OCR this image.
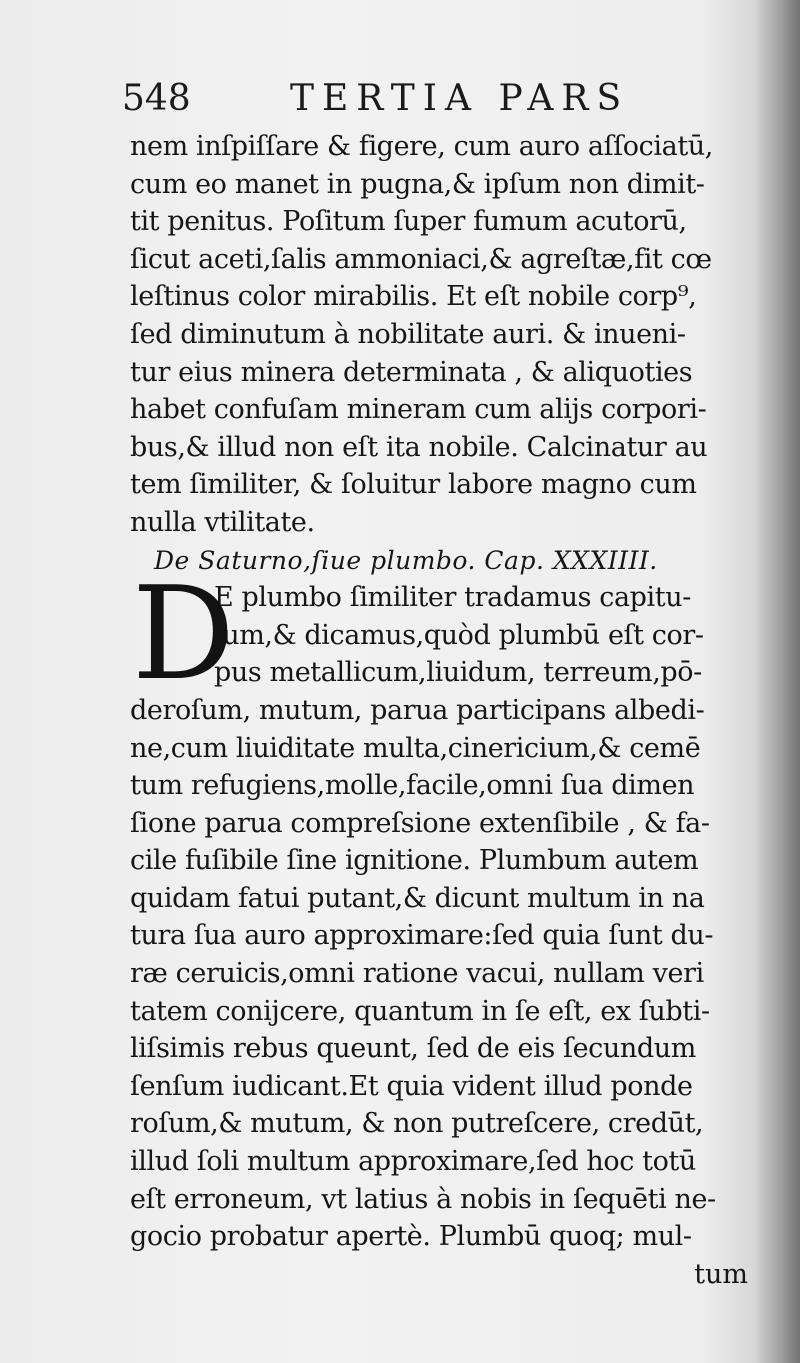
548	TERTIA PARS
nem inſpiſſare & figere, cum auro aſſociatū,
cum eo manet in pugna,& ipſum non dimit-
tit penitus. Poſitum ſuper fumum acutorū,
ſicut aceti,ſalis ammoniaci,& agreſtæ,fit cœ
leſtinus color mirabilis. Et eſt nobile corp⁹,
ſed diminutum à nobilitate auri. & inueni-
tur eius minera determinata , & aliquoties
habet confuſam mineram cum aliјs corpori-
bus,& illud non eſt ita nobile. Calcinatur au
tem ſimiliter, & ſoluitur labore magno cum
nulla vtilitate.
De Saturno,ſiue plumbo. Cap. XXXIIII.
D
E plumbo ſimiliter tradamus capitu-
lum,& dicamus,quòd plumbū eſt cor-
pus metallicum,liuidum, terreum,pō-
deroſum, mutum, parua participans albedi-
ne,cum liuiditate multa,cinericium,& cemē
tum refugiens,molle,facile,omni ſua dimen
ſione parua compreſsione extenſibile , & fa-
cile fuſibile ſine ignitione. Plumbum autem
quidam fatui putant,& dicunt multum in na
tura ſua auro approximare:ſed quia ſunt du-
ræ ceruicis,omni ratione vacui, nullam veri
tatem conijcere, quantum in ſe eſt, ex ſubti-
liſsimis rebus queunt, ſed de eis ſecundum
ſenſum iudicant.Et quia vident illud ponde
roſum,& mutum, & non putreſcere, credūt,
illud ſoli multum approximare,ſed hoc totū
eſt erroneum, vt latius à nobis in ſequēti ne-
gocio probatur apertè. Plumbū quoq; mul-
tum
